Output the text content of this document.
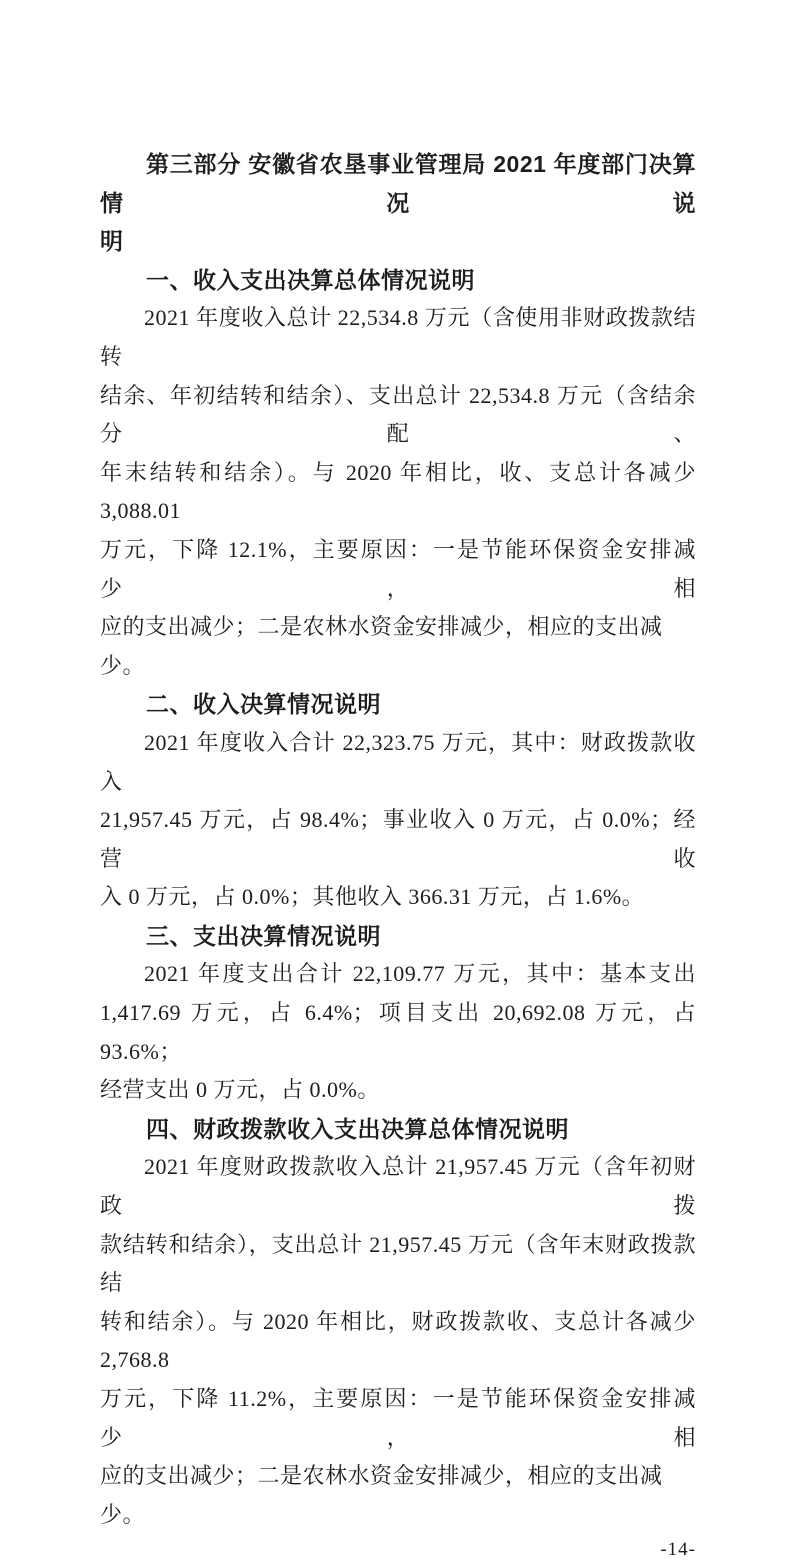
第三部分 安徽省农垦事业管理局 2021 年度部门决算情况说
明
一、收入支出决算总体情况说明
2021 年度收入总计 22,534.8 万元（含使用非财政拨款结转
结余、年初结转和结余）、支出总计 22,534.8 万元（含结余分配、
年末结转和结余）。与 2020 年相比，收、支总计各减少 3,088.01
万元，下降 12.1%，主要原因：一是节能环保资金安排减少，相
应的支出减少；二是农林水资金安排减少，相应的支出减少。
二、收入决算情况说明
2021 年度收入合计 22,323.75 万元，其中：财政拨款收入
21,957.45 万元，占 98.4%；事业收入 0 万元，占 0.0%；经营收
入 0 万元，占 0.0%；其他收入 366.31 万元，占 1.6%。
三、支出决算情况说明
2021 年度支出合计 22,109.77 万元，其中：基本支出
1,417.69 万元，占 6.4%；项目支出 20,692.08 万元，占 93.6%；
经营支出 0 万元，占 0.0%。
四、财政拨款收入支出决算总体情况说明
2021 年度财政拨款收入总计 21,957.45 万元（含年初财政拨
款结转和结余），支出总计 21,957.45 万元（含年末财政拨款结
转和结余）。与 2020 年相比，财政拨款收、支总计各减少 2,768.8
万元，下降 11.2%，主要原因：一是节能环保资金安排减少，相
应的支出减少；二是农林水资金安排减少，相应的支出减少。
-14-
